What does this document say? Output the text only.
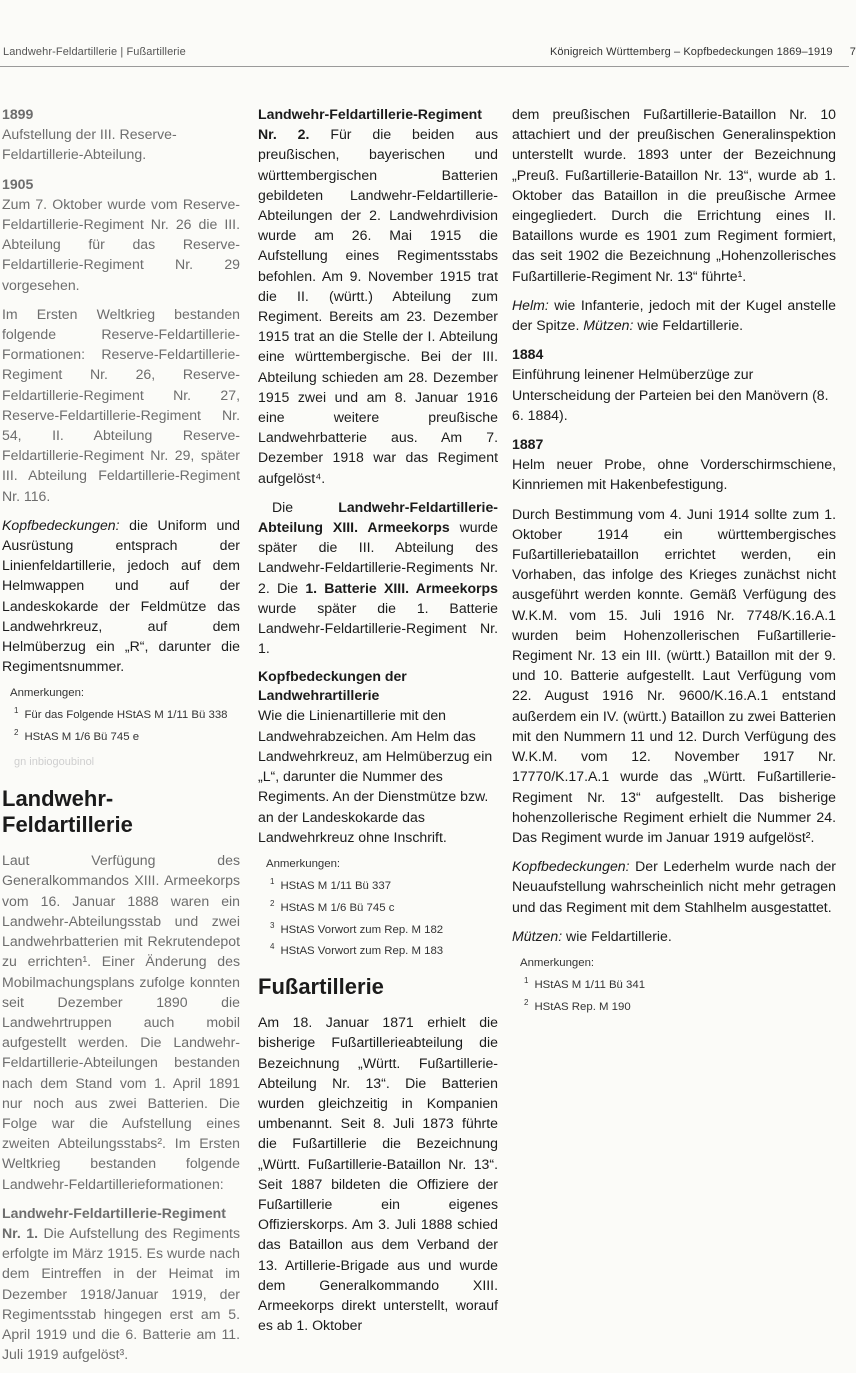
Landwehr-Feldartillerie | Fußartillerie	Königreich Württemberg – Kopfbedeckungen 1869–1919 7
1899

Aufstellung der III. Reserve-Feldartillerie-Abteilung.

1905

Zum 7. Oktober wurde vom Reserve-Feldartillerie-Regiment Nr. 26 die III. Abteilung für das Reserve-Feldartillerie-Regiment Nr. 29 vorgesehen.

Im Ersten Weltkrieg bestanden folgende Reserve-Feldartillerie-Formationen: Reserve-Feldartillerie-Regiment Nr. 26, Reserve-Feldartillerie-Regiment Nr. 27, Reserve-Feldartillerie-Regiment Nr. 54, II. Abteilung Reserve-Feldartillerie-Regiment Nr. 29, später III. Abteilung Feldartillerie-Regiment Nr. 116.

Kopfbedeckungen: die Uniform und Ausrüstung entsprach der Linienfeldartillerie, jedoch auf dem Helmwappen und auf der Landeskokarde der Feldmütze das Landwehrkreuz, auf dem Helmüberzug ein „R“, darunter die Regimentsnummer.

Anmerkungen:
$^1$ Für das Folgende HStAS M 1/11 Bü 338
$^2$ HStAS M 1/6 Bü 745 e
gn inbiogoubinol
Landwehr-Feldartillerie

Laut Verfügung des Generalkommandos XIII. Armeekorps vom 16. Januar 1888 waren ein Landwehr-Abteilungsstab und zwei Landwehrbatterien mit Rekrutendepot zu errichten¹. Einer Änderung des Mobilmachungsplans zufolge konnten seit Dezember 1890 die Landwehrtruppen auch mobil aufgestellt werden. Die Landwehr-Feldartillerie-Abteilungen bestanden nach dem Stand vom 1. April 1891 nur noch aus zwei Batterien. Die Folge war die Aufstellung eines zweiten Abteilungsstabs². Im Ersten Weltkrieg bestanden folgende Landwehr-Feldartillerieformationen:

Landwehr-Feldartillerie-Regiment Nr. 1. Die Aufstellung des Regiments erfolgte im März 1915. Es wurde nach dem Eintreffen in der Heimat im Dezember 1918/Januar 1919, der Regimentsstab hingegen erst am 5. April 1919 und die 6. Batterie am 11. Juli 1919 aufgelöst³.

Landwehr-Feldartillerie-Regiment Nr. 2. Für die beiden aus preußischen, bayerischen und württembergischen Batterien gebildeten Landwehr-Feldartillerie-Abteilungen der 2. Landwehrdivision wurde am 26. Mai 1915 die Aufstellung eines Regimentsstabs befohlen. Am 9. November 1915 trat die II. (württ.) Abteilung zum Regiment. Bereits am 23. Dezember 1915 trat an die Stelle der I. Abteilung eine württembergische. Bei der III. Abteilung schieden am 28. Dezember 1915 zwei und am 8. Januar 1916 eine weitere preußische Landwehrbatterie aus. Am 7. Dezember 1918 war das Regiment aufgelöst⁴.

Die Landwehr-Feldartillerie-Abteilung XIII. Armeekorps wurde später die III. Abteilung des Landwehr-Feldartillerie-Regiments Nr. 2. Die 1. Batterie XIII. Armeekorps wurde später die 1. Batterie Landwehr-Feldartillerie-Regiment Nr. 1.

Kopfbedeckungen der Landwehrartillerie

Wie die Linienartillerie mit den Landwehrabzeichen. Am Helm das Landwehrkreuz, am Helmüberzug ein „L“, darunter die Nummer des Regiments. An der Dienstmütze bzw. an der Landeskokarde das Landwehrkreuz ohne Inschrift.

Anmerkungen:
$^1$ HStAS M 1/11 Bü 337
$^2$ HStAS M 1/6 Bü 745 c
$^3$ HStAS Vorwort zum Rep. M 182
$^4$ HStAS Vorwort zum Rep. M 183
Fußartillerie

Am 18. Januar 1871 erhielt die bisherige Fußartillerieabteilung die Bezeichnung „Württ. Fußartillerie-Abteilung Nr. 13“. Die Batterien wurden gleichzeitig in Kompanien umbenannt. Seit 8. Juli 1873 führte die Fußartillerie die Bezeichnung „Württ. Fußartillerie-Bataillon Nr. 13“. Seit 1887 bildeten die Offiziere der Fußartillerie ein eigenes Offizierskorps. Am 3. Juli 1888 schied das Bataillon aus dem Verband der 13. Artillerie-Brigade aus und wurde dem Generalkommando XIII. Armeekorps direkt unterstellt, worauf es ab 1. Oktober

dem preußischen Fußartillerie-Bataillon Nr. 10 attachiert und der preußischen Generalinspektion unterstellt wurde. 1893 unter der Bezeichnung „Preuß. Fußartillerie-Bataillon Nr. 13“, wurde ab 1. Oktober das Bataillon in die preußische Armee eingegliedert. Durch die Errichtung eines II. Bataillons wurde es 1901 zum Regiment formiert, das seit 1902 die Bezeichnung „Hohenzollerisches Fußartillerie-Regiment Nr. 13“ führte¹.

Helm: wie Infanterie, jedoch mit der Kugel anstelle der Spitze. Mützen: wie Feldartillerie.

1884

Einführung leinener Helmüberzüge zur Unterscheidung der Parteien bei den Manövern (8. 6. 1884).

1887

Helm neuer Probe, ohne Vorderschirmschiene, Kinnriemen mit Hakenbefestigung.

Durch Bestimmung vom 4. Juni 1914 sollte zum 1. Oktober 1914 ein württembergisches Fußartilleriebataillon errichtet werden, ein Vorhaben, das infolge des Krieges zunächst nicht ausgeführt werden konnte. Gemäß Verfügung des W.K.M. vom 15. Juli 1916 Nr. 7748/K.16.A.1 wurden beim Hohenzollerischen Fußartillerie-Regiment Nr. 13 ein III. (württ.) Bataillon mit der 9. und 10. Batterie aufgestellt. Laut Verfügung vom 22. August 1916 Nr. 9600/K.16.A.1 entstand außerdem ein IV. (württ.) Bataillon zu zwei Batterien mit den Nummern 11 und 12. Durch Verfügung des W.K.M. vom 12. November 1917 Nr. 17770/K.17.A.1 wurde das „Württ. Fußartillerie-Regiment Nr. 13“ aufgestellt. Das bisherige hohenzollerische Regiment erhielt die Nummer 24. Das Regiment wurde im Januar 1919 aufgelöst².

Kopfbedeckungen: Der Lederhelm wurde nach der Neuaufstellung wahrscheinlich nicht mehr getragen und das Regiment mit dem Stahlhelm ausgestattet.

Mützen: wie Feldartillerie.

Anmerkungen:
$^1$ HStAS M 1/11 Bü 341
$^2$ HStAS Rep. M 190
